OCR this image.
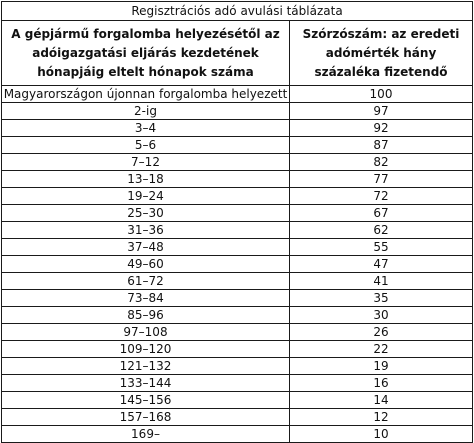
Regisztrációs adó avulási táblázata	
A gépjármű forgalomba helyezésétől az adóigazgatási eljárás kezdetének hónapjáig eltelt hónapok száma	Szórzószám: az eredeti adómérték hány százaléka fizetendő
Magyarországon újonnan forgalomba helyezett	100
2-ig	97
3–4	92
5–6	87
7–12	82
13–18	77
19–24	72
25–30	67
31–36	62
37–48	55
49–60	47
61–72	41
73–84	35
85–96	30
97–108	26
109–120	22
121–132	19
133–144	16
145–156	14
157–168	12
169–	10
